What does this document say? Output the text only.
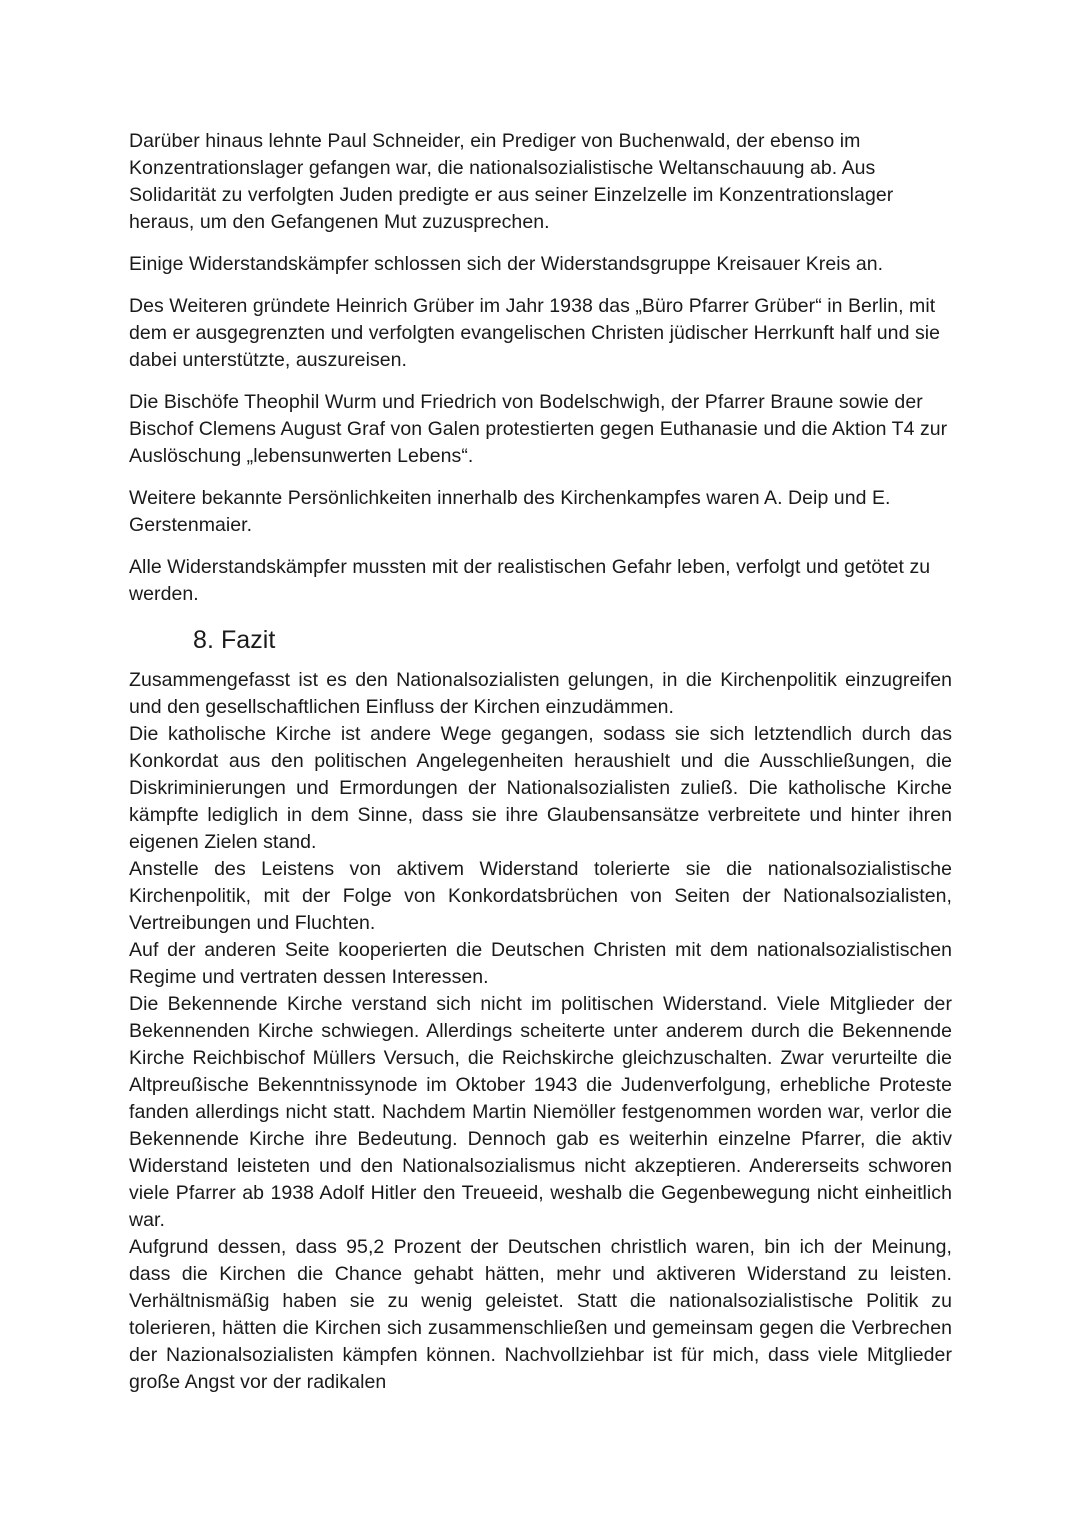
Darüber hinaus lehnte Paul Schneider, ein Prediger von Buchenwald, der ebenso im Konzentrationslager gefangen war, die nationalsozialistische Weltanschauung ab. Aus Solidarität zu verfolgten Juden predigte er aus seiner Einzelzelle im Konzentrationslager heraus, um den Gefangenen Mut zuzusprechen.

Einige Widerstandskämpfer schlossen sich der Widerstandsgruppe Kreisauer Kreis an.

Des Weiteren gründete Heinrich Grüber im Jahr 1938 das „Büro Pfarrer Grüber“ in Berlin, mit dem er ausgegrenzten und verfolgten evangelischen Christen jüdischer Herrkunft half und sie dabei unterstützte, auszureisen.

Die Bischöfe Theophil Wurm und Friedrich von Bodelschwigh, der Pfarrer Braune sowie der Bischof Clemens August Graf von Galen protestierten gegen Euthanasie und die Aktion T4 zur Auslöschung „lebensunwerten Lebens“.

Weitere bekannte Persönlichkeiten innerhalb des Kirchenkampfes waren A. Deip und E. Gerstenmaier.

Alle Widerstandskämpfer mussten mit der realistischen Gefahr leben, verfolgt und getötet zu werden.

8. Fazit

Zusammengefasst ist es den Nationalsozialisten gelungen, in die Kirchenpolitik einzugreifen und den gesellschaftlichen Einfluss der Kirchen einzudämmen.

Die katholische Kirche ist andere Wege gegangen, sodass sie sich letztendlich durch das Konkordat aus den politischen Angelegenheiten heraushielt und die Ausschließungen, die Diskriminierungen und Ermordungen der Nationalsozialisten zuließ. Die katholische Kirche kämpfte lediglich in dem Sinne, dass sie ihre Glaubensansätze verbreitete und hinter ihren eigenen Zielen stand.

Anstelle des Leistens von aktivem Widerstand tolerierte sie die nationalsozialistische Kirchenpolitik, mit der Folge von Konkordatsbrüchen von Seiten der Nationalsozialisten, Vertreibungen und Fluchten.

Auf der anderen Seite kooperierten die Deutschen Christen mit dem nationalsozialistischen Regime und vertraten dessen Interessen.

Die Bekennende Kirche verstand sich nicht im politischen Widerstand. Viele Mitglieder der Bekennenden Kirche schwiegen. Allerdings scheiterte unter anderem durch die Bekennende Kirche Reichbischof Müllers Versuch, die Reichskirche gleichzuschalten. Zwar verurteilte die Altpreußische Bekenntnissynode im Oktober 1943 die Judenverfolgung, erhebliche Proteste fanden allerdings nicht statt. Nachdem Martin Niemöller festgenommen worden war, verlor die Bekennende Kirche ihre Bedeutung. Dennoch gab es weiterhin einzelne Pfarrer, die aktiv Widerstand leisteten und den Nationalsozialismus nicht akzeptieren. Andererseits schworen viele Pfarrer ab 1938 Adolf Hitler den Treueeid, weshalb die Gegenbewegung nicht einheitlich war.

Aufgrund dessen, dass 95,2 Prozent der Deutschen christlich waren, bin ich der Meinung, dass die Kirchen die Chance gehabt hätten, mehr und aktiveren Widerstand zu leisten. Verhältnismäßig haben sie zu wenig geleistet. Statt die nationalsozialistische Politik zu tolerieren, hätten die Kirchen sich zusammenschließen und gemeinsam gegen die Verbrechen der Nazionalsozialisten kämpfen können. Nachvollziehbar ist für mich, dass viele Mitglieder große Angst vor der radikalen
